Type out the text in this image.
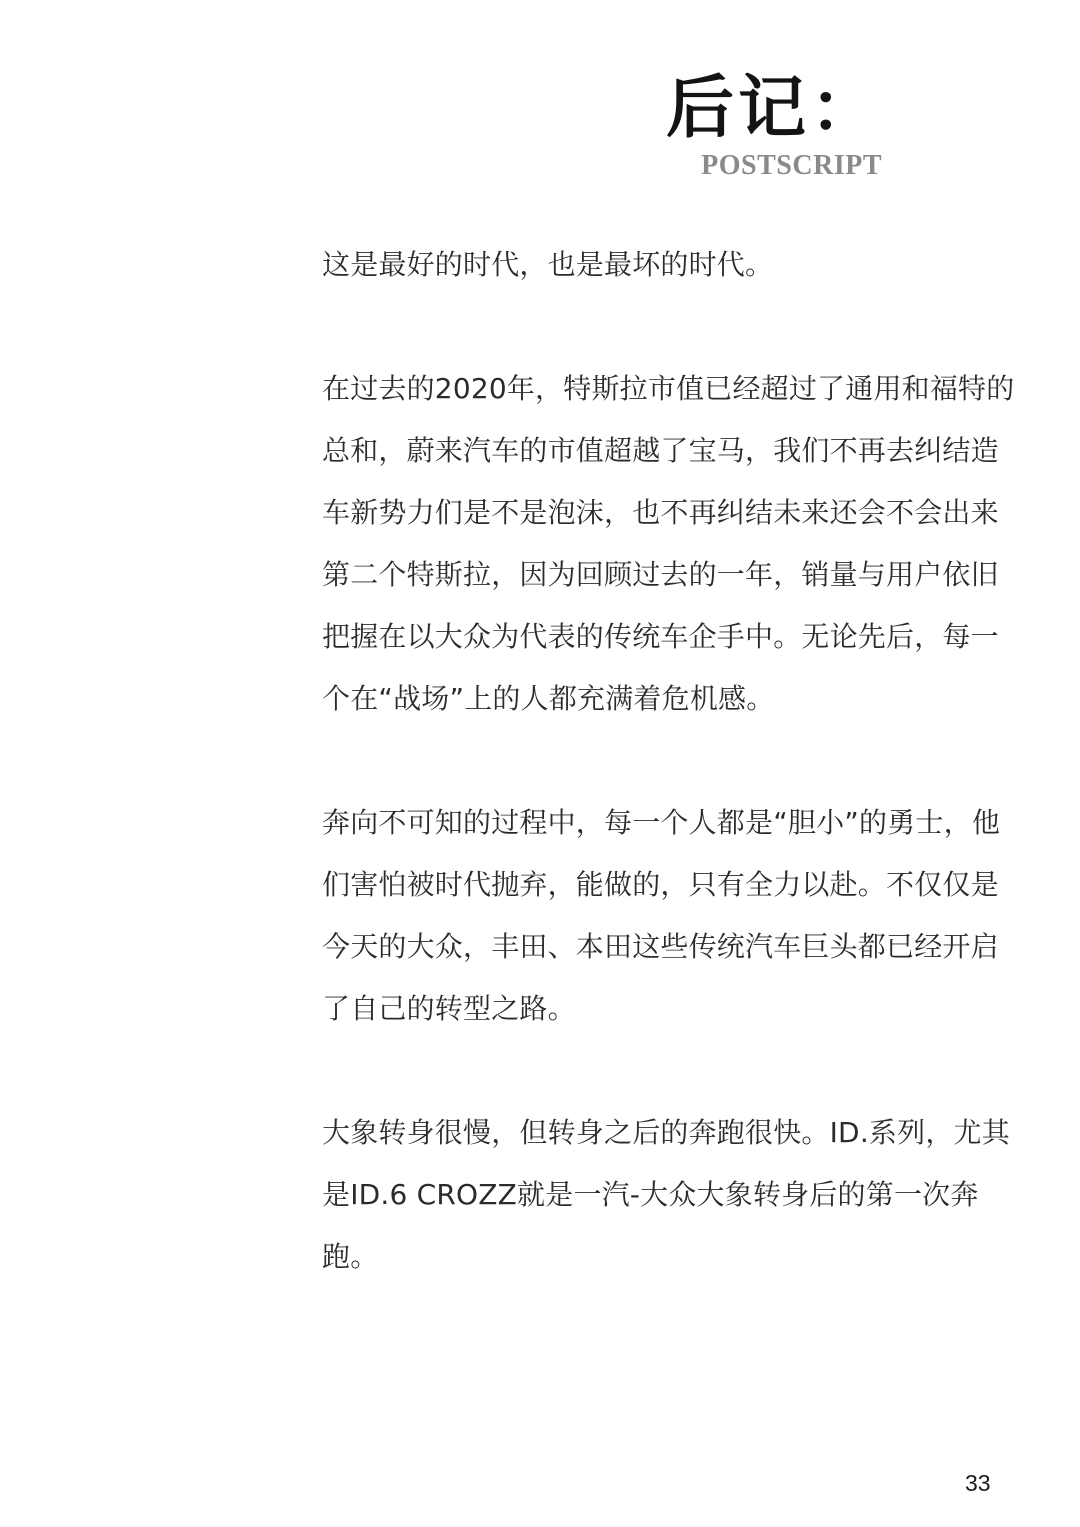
后记：
POSTSCRIPT

这是最好的时代，也是最坏的时代。

在过去的2020年，特斯拉市值已经超过了通用和福特的
总和，蔚来汽车的市值超越了宝马，我们不再去纠结造
车新势力们是不是泡沫，也不再纠结未来还会不会出来
第二个特斯拉，因为回顾过去的一年，销量与用户依旧
把握在以大众为代表的传统车企手中。无论先后，每一
个在“战场”上的人都充满着危机感。

奔向不可知的过程中，每一个人都是“胆小”的勇士，他
们害怕被时代抛弃，能做的，只有全力以赴。不仅仅是
今天的大众，丰田、本田这些传统汽车巨头都已经开启
了自己的转型之路。

大象转身很慢，但转身之后的奔跑很快。ID.系列，尤其
是ID.6 CROZZ就是一汽-大众大象转身后的第一次奔
跑。

33
